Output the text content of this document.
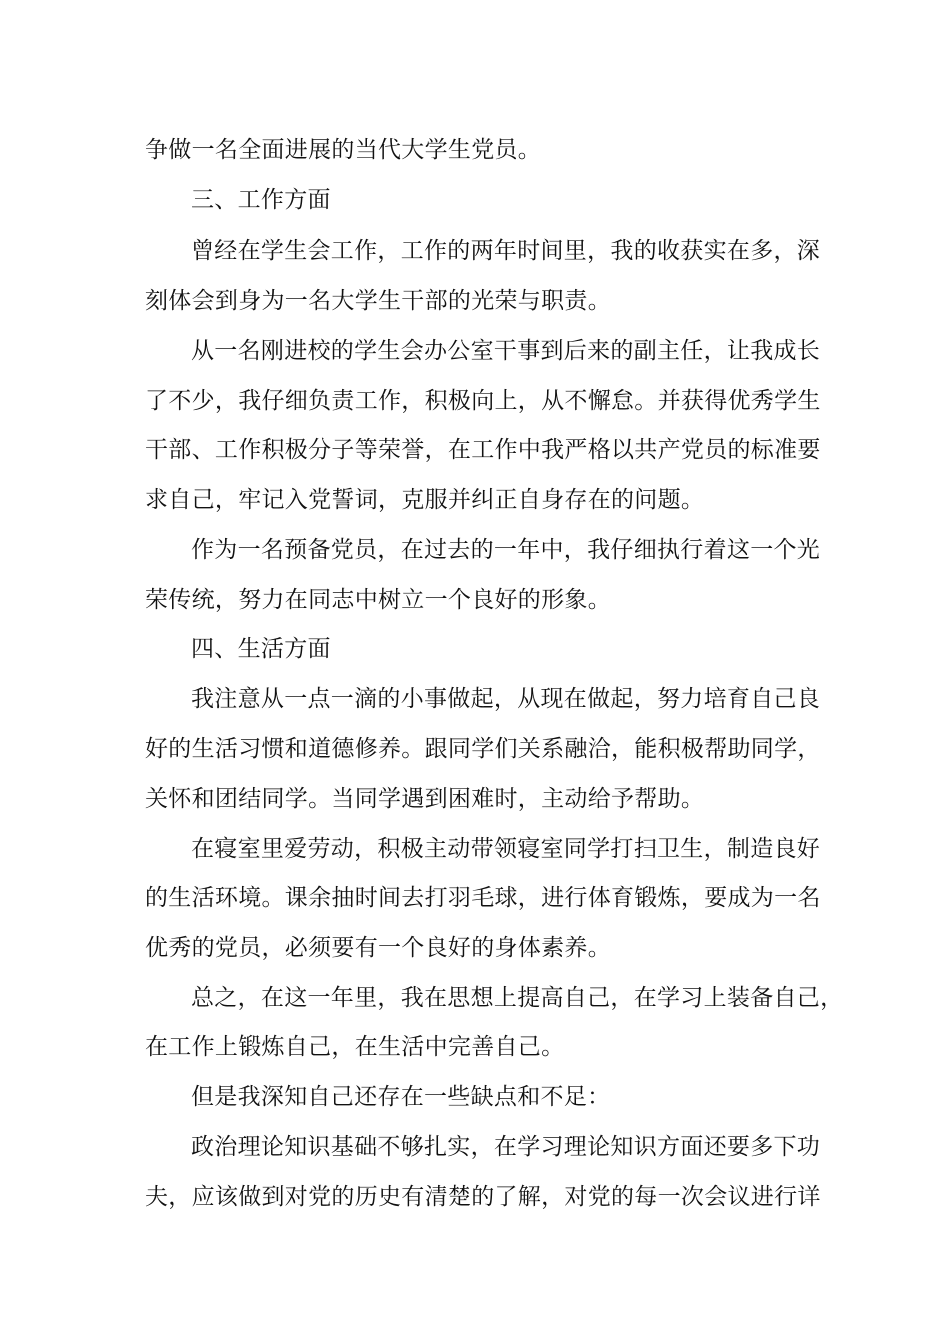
争做一名全面进展的当代大学生党员。
三、工作方面
曾经在学生会工作，工作的两年时间里，我的收获实在多，深
刻体会到身为一名大学生干部的光荣与职责。
从一名刚进校的学生会办公室干事到后来的副主任，让我成长
了不少，我仔细负责工作，积极向上，从不懈怠。并获得优秀学生
干部、工作积极分子等荣誉，在工作中我严格以共产党员的标准要
求自己，牢记入党誓词，克服并纠正自身存在的问题。
作为一名预备党员，在过去的一年中，我仔细执行着这一个光
荣传统，努力在同志中树立一个良好的形象。
四、生活方面
我注意从一点一滴的小事做起，从现在做起，努力培育自己良
好的生活习惯和道德修养。跟同学们关系融洽，能积极帮助同学，
关怀和团结同学。当同学遇到困难时，主动给予帮助。
在寝室里爱劳动，积极主动带领寝室同学打扫卫生，制造良好
的生活环境。课余抽时间去打羽毛球，进行体育锻炼，要成为一名
优秀的党员，必须要有一个良好的身体素养。
总之，在这一年里，我在思想上提高自己，在学习上装备自己，
在工作上锻炼自己，在生活中完善自己。
但是我深知自己还存在一些缺点和不足：
政治理论知识基础不够扎实，在学习理论知识方面还要多下功
夫，应该做到对党的历史有清楚的了解，对党的每一次会议进行详
